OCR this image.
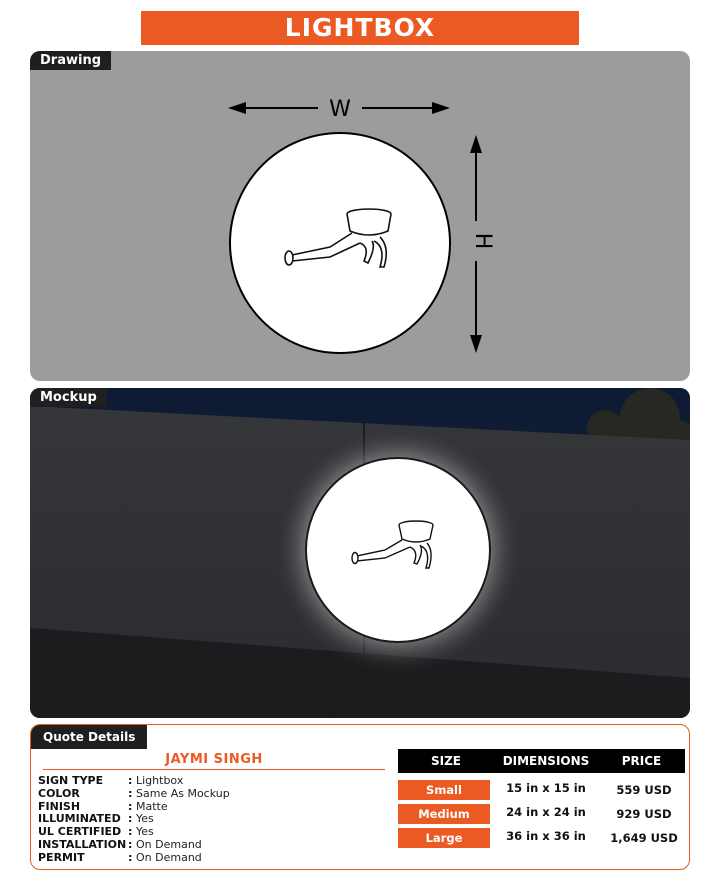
LIGHTBOX
W
H
Drawing
Mockup
Quote Details
JAYMI SINGH
SIGN TYPE	: Lightbox
COLOR	: Same As Mockup
FINISH	: Matte
ILLUMINATED : Yes
UL CERTIFIED : Yes
INSTALLATION : On Demand
PERMIT	: On Demand
SIZE	DIMENSIONS	PRICE
Small	15 in x 15 in	559 USD
Medium	24 in x 24 in	929 USD
Large	36 in x 36 in	1,649 USD
